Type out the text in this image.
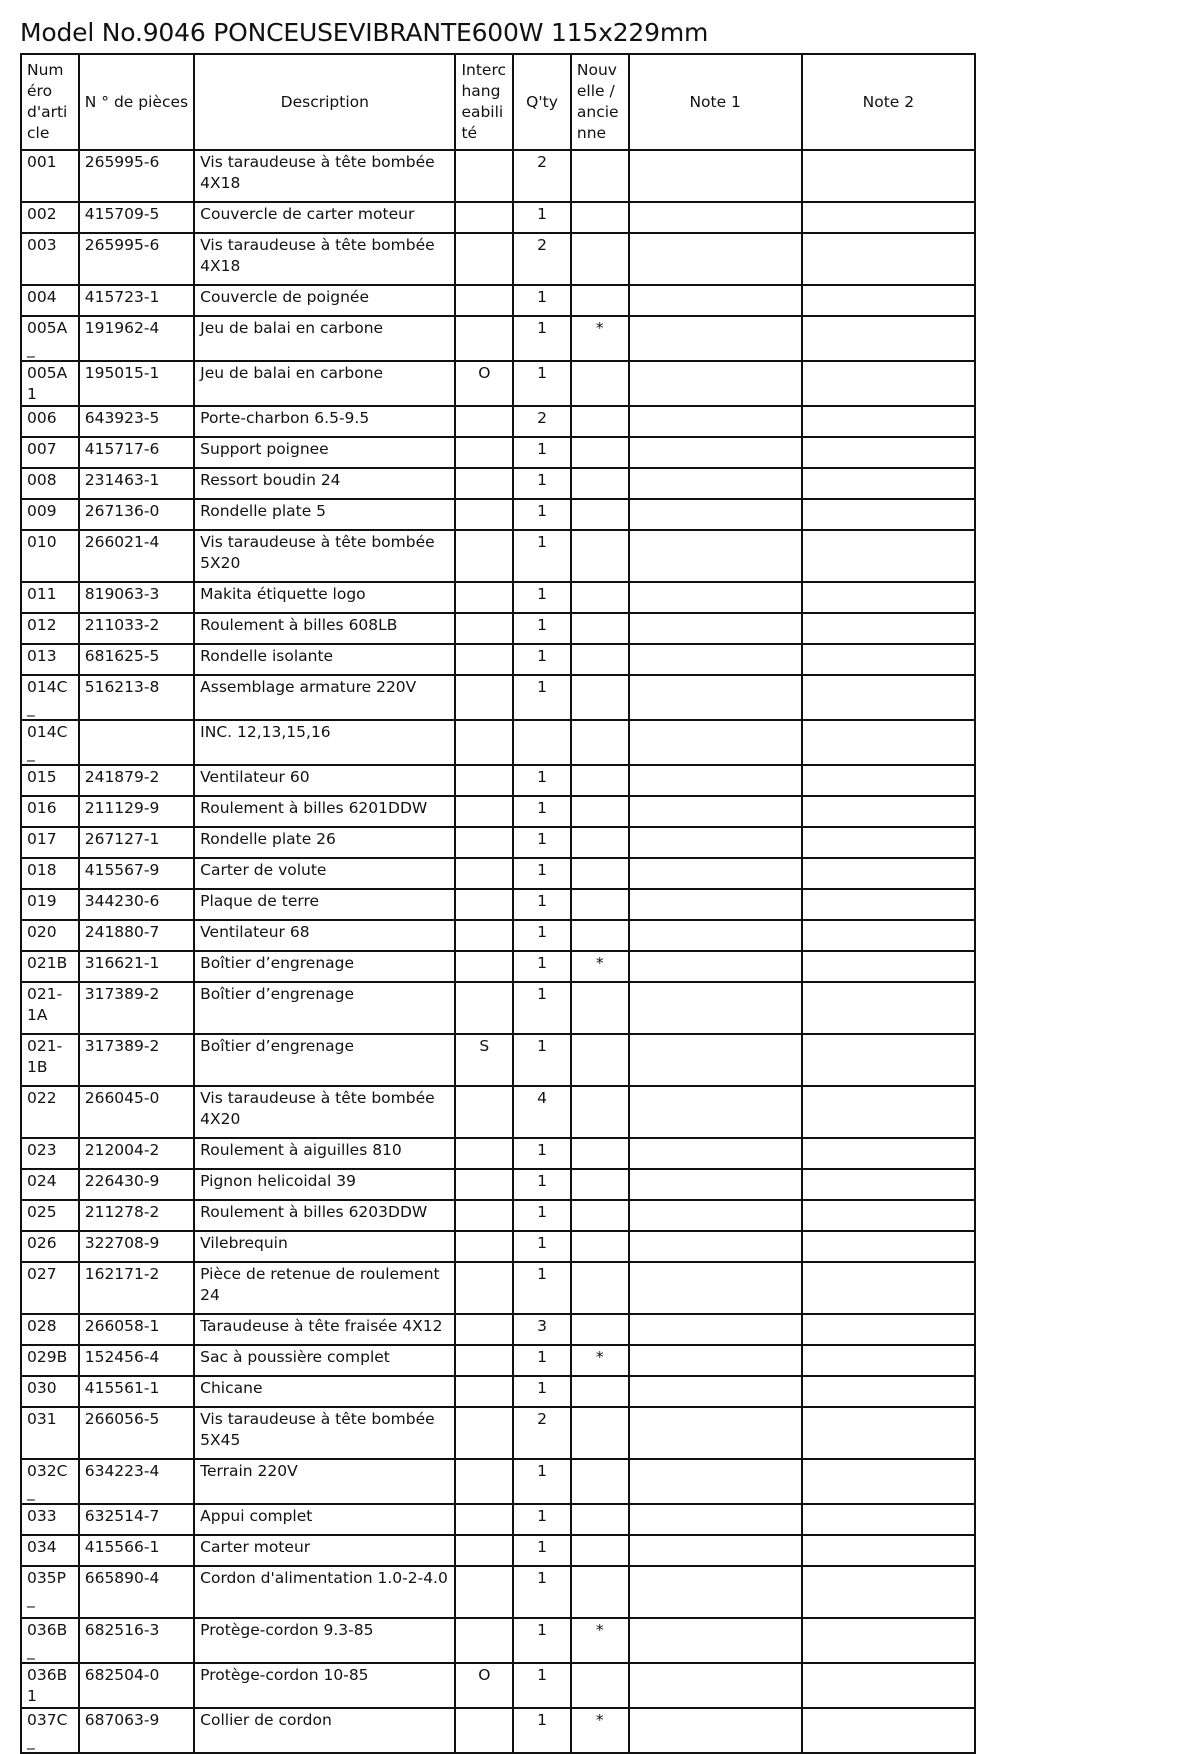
Model No.9046 PONCEUSEVIBRANTE600W 115x229mm
Numéro d'article	N ° de pièces	Description	Interchangeabilité	Q'ty	Nouvelle / ancienne	Note 1	Note 2
001	265995-6	Vis taraudeuse à tête bombée 4X18		2			
002	415709-5	Couvercle de carter moteur		1			
003	265995-6	Vis taraudeuse à tête bombée 4X18		2			
004	415723-1	Couvercle de poignée		1			
005A_	191962-4	Jeu de balai en carbone		1	*		
005A1	195015-1	Jeu de balai en carbone	O	1			
006	643923-5	Porte-charbon 6.5-9.5		2			
007	415717-6	Support poignee		1			
008	231463-1	Ressort boudin 24		1			
009	267136-0	Rondelle plate 5		1			
010	266021-4	Vis taraudeuse à tête bombée 5X20		1			
011	819063-3	Makita étiquette logo		1			
012	211033-2	Roulement à billes 608LB		1			
013	681625-5	Rondelle isolante		1			
014C_	516213-8	Assemblage armature 220V		1			
014C_		INC. 12,13,15,16					
015	241879-2	Ventilateur 60		1			
016	211129-9	Roulement à billes 6201DDW		1			
017	267127-1	Rondelle plate 26		1			
018	415567-9	Carter de volute		1			
019	344230-6	Plaque de terre		1			
020	241880-7	Ventilateur 68		1			
021B	316621-1	Boîtier d’engrenage		1	*		
021-1A	317389-2	Boîtier d’engrenage		1			
021-1B	317389-2	Boîtier d’engrenage	S	1			
022	266045-0	Vis taraudeuse à tête bombée 4X20		4			
023	212004-2	Roulement à aiguilles 810		1			
024	226430-9	Pignon helicoidal 39		1			
025	211278-2	Roulement à billes 6203DDW		1			
026	322708-9	Vilebrequin		1			
027	162171-2	Pièce de retenue de roulement 24		1			
028	266058-1	Taraudeuse à tête fraisée 4X12		3			
029B	152456-4	Sac à poussière complet		1	*		
030	415561-1	Chicane		1			
031	266056-5	Vis taraudeuse à tête bombée 5X45		2			
032C_	634223-4	Terrain 220V		1			
033	632514-7	Appui complet		1			
034	415566-1	Carter moteur		1			
035P_	665890-4	Cordon d'alimentation 1.0-2-4.0		1			
036B_	682516-3	Protège-cordon 9.3-85		1	*		
036B1	682504-0	Protège-cordon 10-85	O	1			
037C_	687063-9	Collier de cordon		1	*		
